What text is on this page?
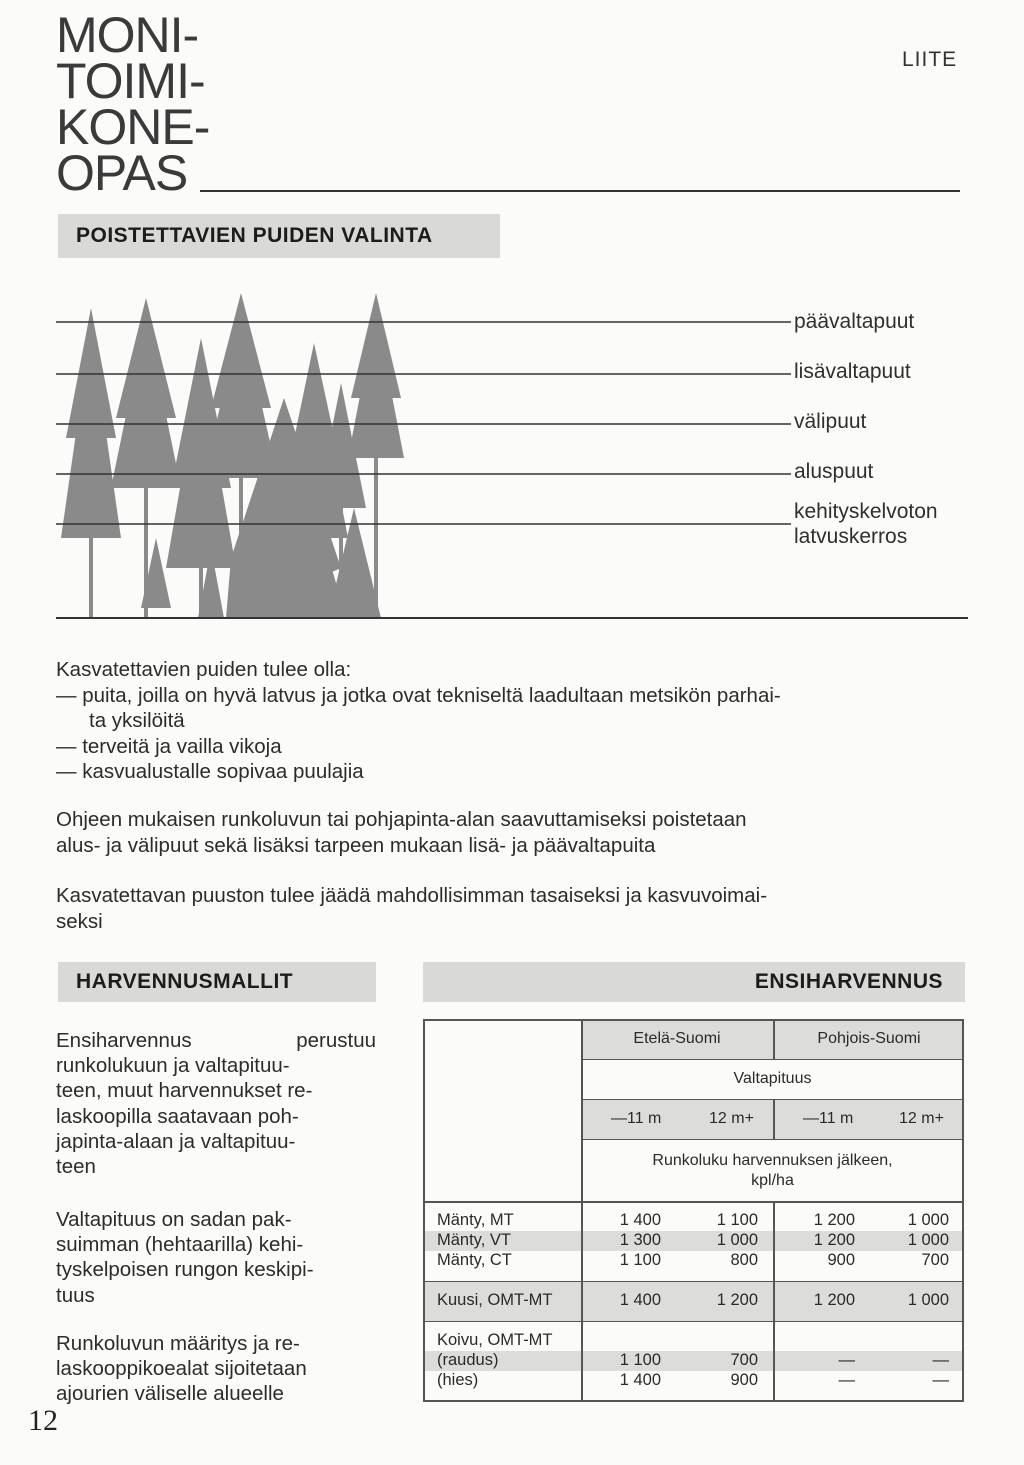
MONI-
TOIMI-
KONE-
OPAS
LIITE
POISTETTAVIEN PUIDEN VALINTA
päävaltapuut
lisävaltapuut
välipuut
aluspuut
kehityskelvoton
latvuskerros
Kasvatettavien puiden tulee olla:
— puita, joilla on hyvä latvus ja jotka ovat tekniseltä laadultaan metsikön parhai-
ta yksilöitä
— terveitä ja vailla vikoja
— kasvualustalle sopivaa puulajia
Ohjeen mukaisen runkoluvun tai pohjapinta-alan saavuttamiseksi poistetaan
alus- ja välipuut sekä lisäksi tarpeen mukaan lisä- ja päävaltapuita
Kasvatettavan puuston tulee jäädä mahdollisimman tasaiseksi ja kasvuvoimai-
seksi
HARVENNUSMALLIT	ENSIHARVENNUS
Ensiharvennus	perustuu
runkolukuun ja valtapituu-
teen, muut harvennukset re-
laskoopilla saatavaan poh-
japinta-alaan ja valtapituu-
teen
Valtapituus on sadan pak-
suimman (hehtaarilla) kehi-
tyskelpoisen rungon keskipi-
tuus
Runkoluvun määritys ja re-
laskooppikoealat sijoitetaan
ajourien väliselle alueelle
12
Etelä-Suomi	Pohjois-Suomi
Valtapituus
—11 m	12 m+	—11 m	12 m+
Runkoluku harvennuksen jälkeen,
kpl/ha
Mänty, MT	1 400	1 100	1 200	1 000
Mänty, VT	1 300	1 000	1 200	1 000
Mänty, CT	1 100	800	900	700
Kuusi, OMT-MT	1 400	1 200	1 200	1 000
Koivu, OMT-MT
(raudus)	1 100	700	—	—
(hies)	1 400	900	—	—
